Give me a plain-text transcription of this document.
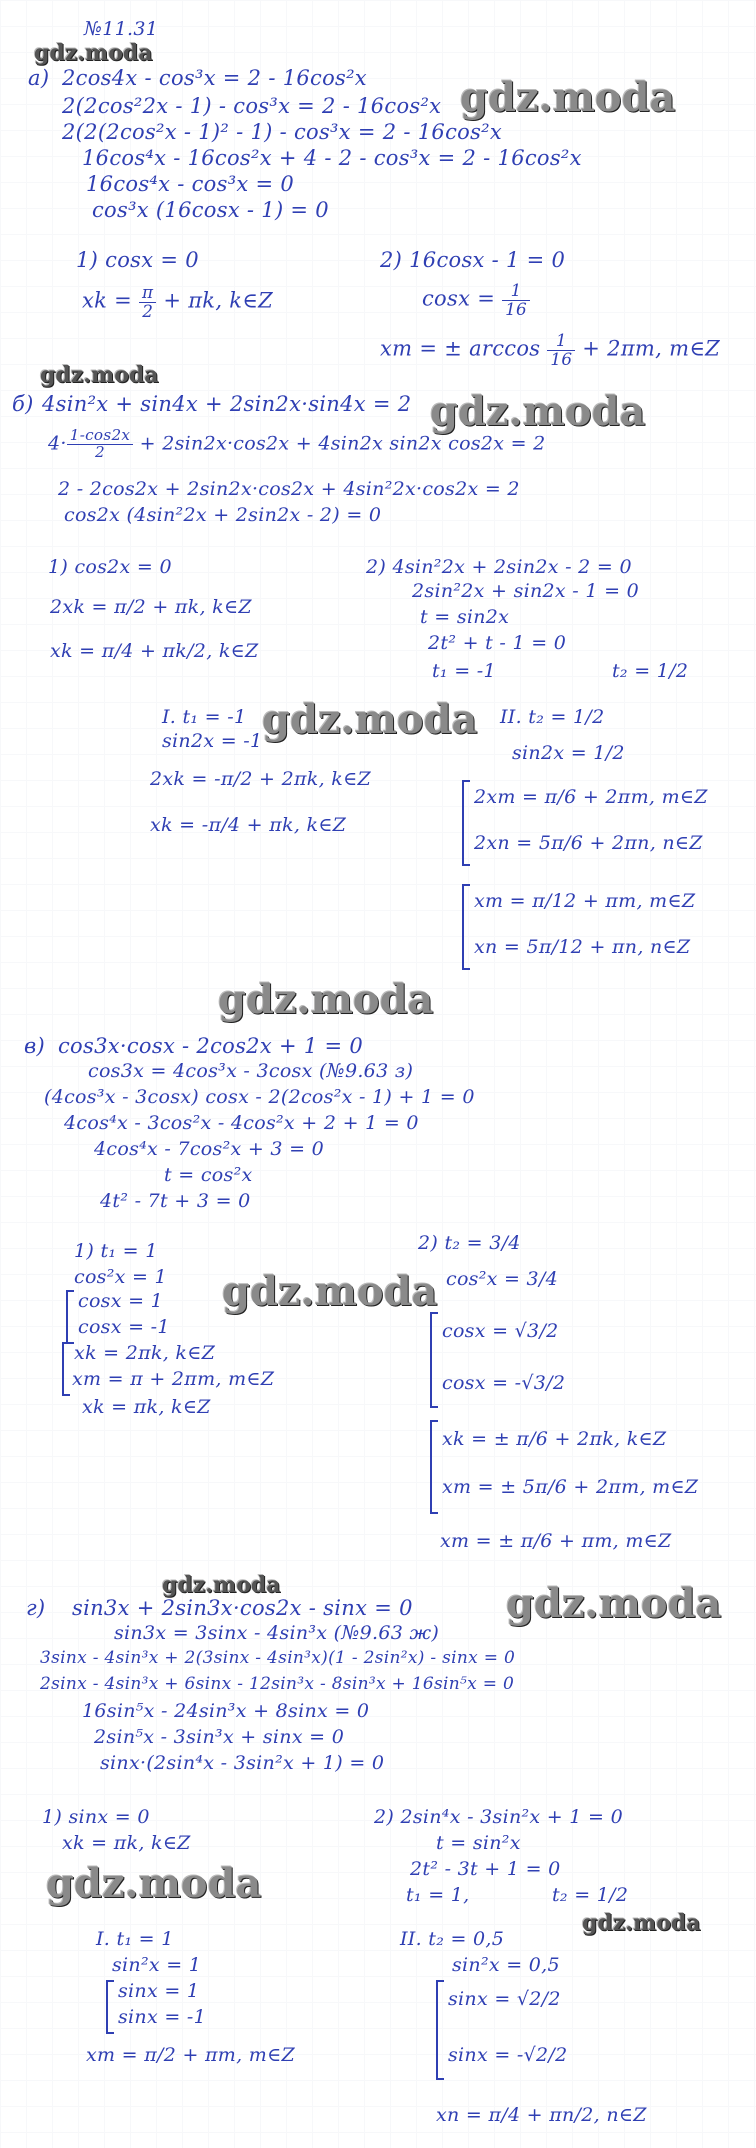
№11.31
gdz.moda
а) 2cos4x - cos³x = 2 - 16cos²x gdz.moda
2(2cos²2x - 1) - cos³x = 2 - 16cos²x
2(2(2cos²x - 1)² - 1) - cos³x = 2 - 16cos²x
16cos⁴x - 16cos²x + 4 - 2 - cos³x = 2 - 16cos²x
16cos⁴x - cos³x = 0
cos³x (16cosx - 1) = 0
1) cosx = 0
xk = $\frac{\pi}{2} + \pi k$, k∈Z
2) 16cosx - 1 = 0
$\cos x = \frac{1}{16}$
xm = ± $\arccos \frac{1}{16} + 2\pi m$, m∈Z
gdz.moda
б) 4sin²x + sin4x + 2sin2x·sin4x = 2 gdz.moda
$4\cdot \frac{1-\cos 2x}{2} + 2\sin 2x\cdot\cos 2x + 4\sin 2x$ sin2x cos2x = 2
2 - 2cos2x + 2sin2x·cos2x + 4sin²2x·cos2x = 2
cos2x (4sin²2x + 2sin2x - 2) = 0
1) cos2x = 0
2xk = π/2 + πk, k∈Z
xk = π/4 + πk/2, k∈Z
2) 4sin²2x + 2sin2x - 2 = 0
2sin²2x + sin2x - 1 = 0
t = sin2x
2t² + t - 1 = 0
t₁ = -1	t₂ = 1/2
I. t₁ = -1 gdz.moda
sin2x = -1
2xk = -π/2 + 2πk, k∈Z
xk = -π/4 + πk, k∈Z
II. t₂ = 1/2
sin2x = 1/2
2xm = π/6 + 2πm, m∈Z
2xn = 5π/6 + 2πn, n∈Z
xm = π/12 + πm, m∈Z
xn = 5π/12 + πn, n∈Z
gdz.moda
в) cos3x·cosx - 2cos2x + 1 = 0
cos3x = 4cos³x - 3cosx (№9.63 з)
(4cos³x - 3cosx) cosx - 2(2cos²x - 1) + 1 = 0
4cos⁴x - 3cos²x - 4cos²x + 2 + 1 = 0
4cos⁴x - 7cos²x + 3 = 0
t = cos²x
4t² - 7t + 3 = 0
1) t₁ = 1
cos²x = 1 gdz.moda
cosx = 1
cosx = -1
xk = 2πk, k∈Z
xm = π + 2πm, m∈Z
xk = πk, k∈Z
2) t₂ = 3/4
cos²x = 3/4
cosx = √3/2
cosx = -√3/2
xk = ± π/6 + 2πk, k∈Z
xm = ± 5π/6 + 2πm, m∈Z
xm = ± π/6 + πm, m∈Z
gdz.moda
г) sin3x + 2sin3x·cos2x - sinx = 0 gdz.moda
sin3x = 3sinx - 4sin³x (№9.63 ж)
3sinx - 4sin³x + 2(3sinx - 4sin³x)(1 - 2sin²x) - sinx = 0
2sinx - 4sin³x + 6sinx - 12sin³x - 8sin³x + 16sin⁵x = 0
16sin⁵x - 24sin³x + 8sinx = 0
2sin⁵x - 3sin³x + sinx = 0
sinx·(2sin⁴x - 3sin²x + 1) = 0
1) sinx = 0
xk = πk, k∈Z
gdz.moda
2) 2sin⁴x - 3sin²x + 1 = 0
t = sin²x
2t² - 3t + 1 = 0
t₁ = 1,	t₂ = 1/2
gdz.moda
I. t₁ = 1
sin²x = 1
sinx = 1
sinx = -1
xm = π/2 + πm, m∈Z
II. t₂ = 0,5
sin²x = 0,5
sinx = √2/2
sinx = -√2/2
xn = π/4 + πn/2, n∈Z
